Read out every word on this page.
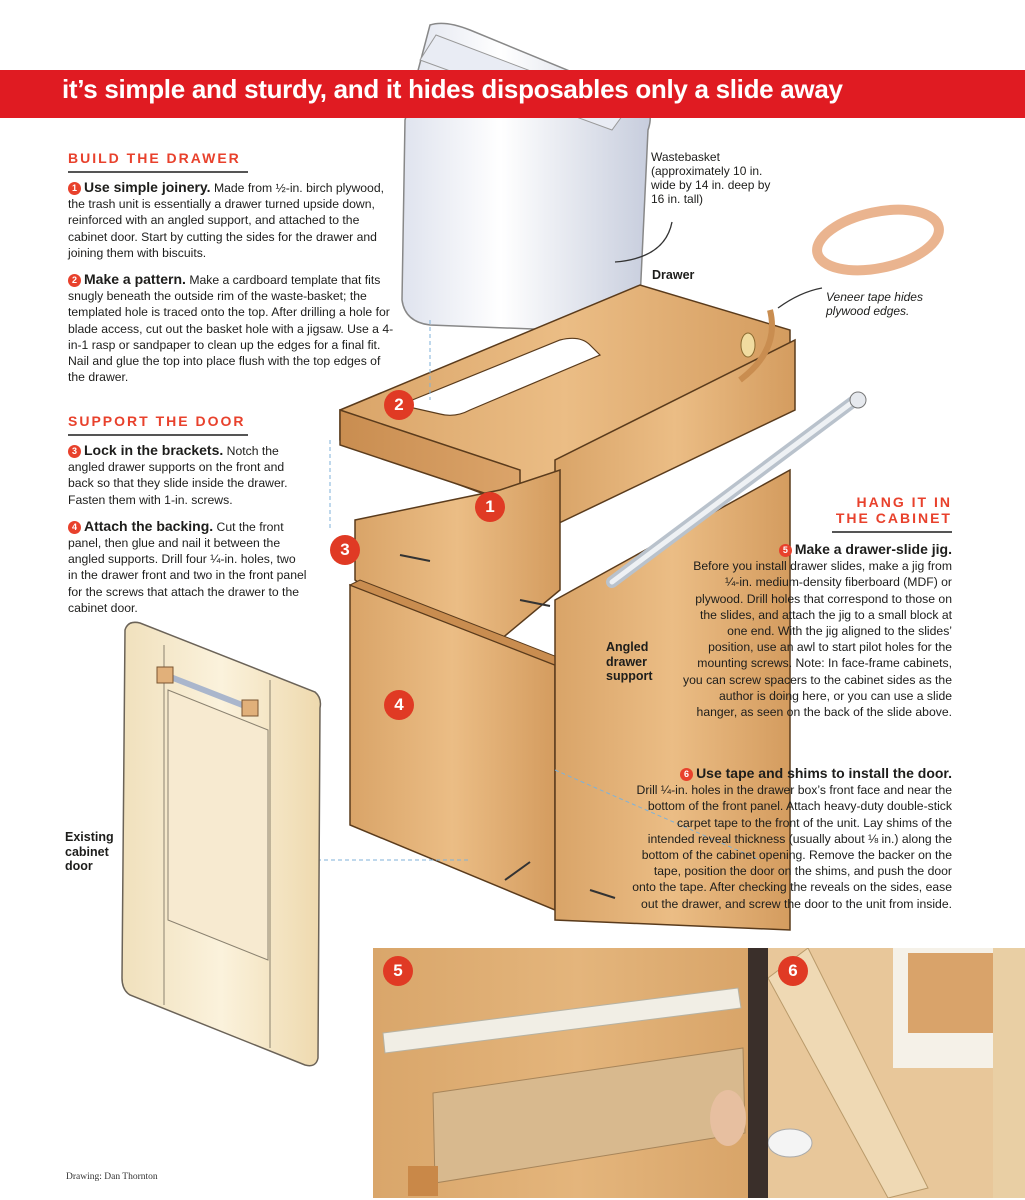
it’s simple and sturdy, and it hides disposables only a slide away
BUILD THE DRAWER
1 Use simple joinery. Made from ½-in. birch plywood, the trash unit is essentially a drawer turned upside down, reinforced with an angled support, and attached to the cabinet door. Start by cutting the sides for the drawer and joining them with biscuits.
2 Make a pattern. Make a cardboard template that fits snugly beneath the outside rim of the waste-basket; the templated hole is traced onto the top. After drilling a hole for blade access, cut out the basket hole with a jigsaw. Use a 4-in-1 rasp or sandpaper to clean up the edges for a final fit. Nail and glue the top into place flush with the top edges of the drawer.
SUPPORT THE DOOR
3 Lock in the brackets. Notch the angled drawer supports on the front and back so that they slide inside the drawer. Fasten them with 1-in. screws.
4 Attach the backing. Cut the front panel, then glue and nail it between the angled supports. Drill four ¼-in. holes, two in the drawer front and two in the front panel for the screws that attach the drawer to the cabinet door.
HANG IT IN
THE CABINET
5 Make a drawer-slide jig.
Before you install drawer slides, make a jig from ¼-in. medium-density fiberboard (MDF) or plywood. Drill holes that correspond to those on the slides, and attach the jig to a small block at one end. With the jig aligned to the slides’ position, use an awl to start pilot holes for the mounting screws. Note: In face-frame cabinets, you can screw spacers to the cabinet sides as the author is doing here, or you can use a slide hanger, as seen on the back of the slide above.
6 Use tape and shims to install the door.
Drill ¼-in. holes in the drawer box’s front face and near the bottom of the front panel. Attach heavy-duty double-stick carpet tape to the front of the unit. Lay shims of the intended reveal thickness (usually about ⅛ in.) along the bottom of the cabinet opening. Remove the backer on the tape, position the door on the shims, and push the door onto the tape. After checking the reveals on the sides, ease out the drawer, and screw the door to the unit from inside.
Wastebasket (approximately 10 in. wide by 14 in. deep by 16 in. tall)
Drawer
Veneer tape hides plywood edges.
Angled drawer support
Existing cabinet door
2
1
3
4
5	6
Drawing: Dan Thornton
